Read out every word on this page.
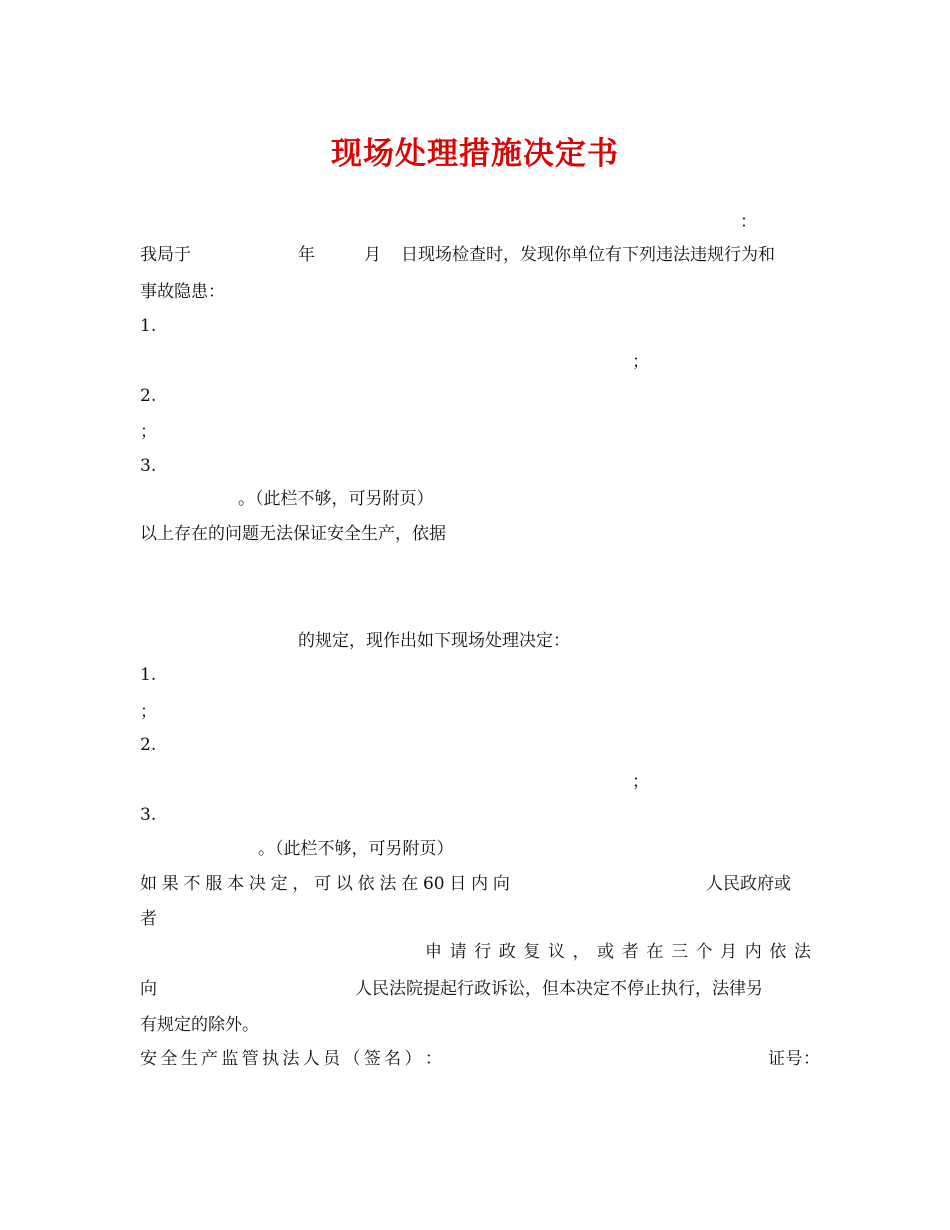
现场处理措施决定书
：
我局于	年	月 日现场检查时，发现你单位有下列违法违规行为和
事故隐患：
1.
；
2.
；
3.
。（此栏不够，可另附页）
以上存在的问题无法保证安全生产，依据
的规定，现作出如下现场处理决定：
1.
；
2.
；
3.
。（此栏不够，可另附页）
如 果 不 服 本 决 定 ， 可 以 依 法 在 60 日 内 向	人民政府或
者
申 请 行 政 复 议 ， 或 者 在 三 个 月 内 依 法
向	人民法院提起行政诉讼，但本决定不停止执行，法律另
有规定的除外。
安 全 生 产 监 管 执 法 人 员 （ 签 名 ） ：	证 号 ：
